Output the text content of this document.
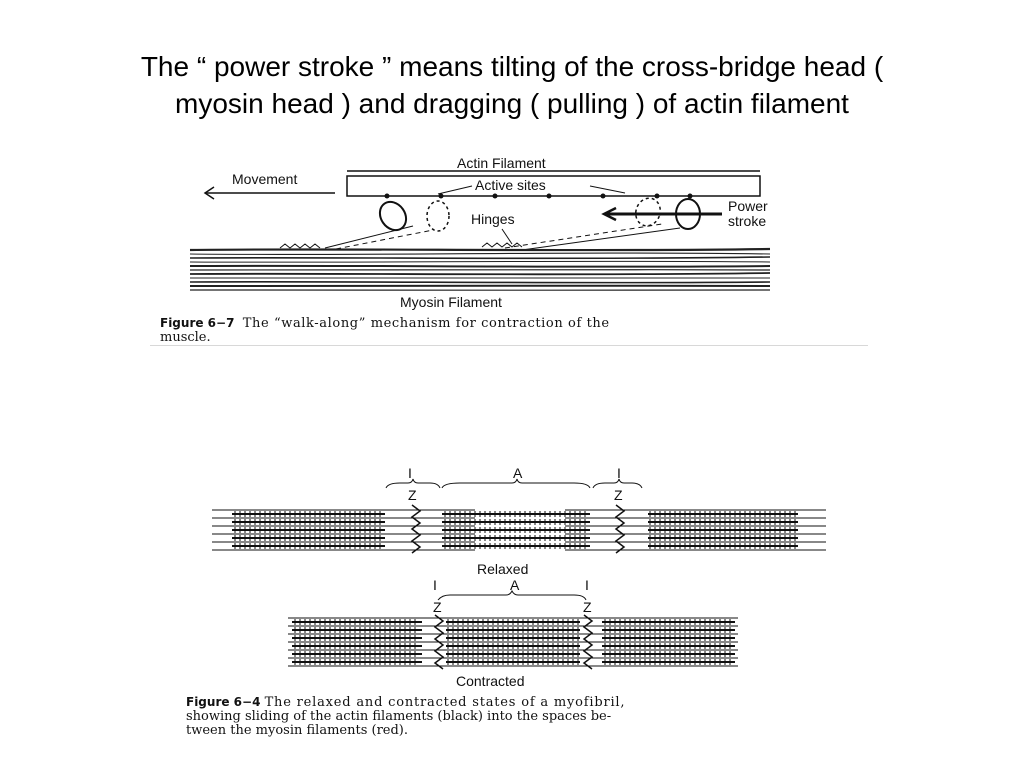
The “ power stroke ” means tilting of the cross-bridge head (
myosin head ) and dragging ( pulling ) of actin filament
Actin Filament
Movement	Active sites
Hinges
Power
stroke
Myosin Filament
Figure 6−7 The “walk-along” mechanism for contraction of the
muscle.
I	A	I
Z	Z
Relaxed
I	A	I
Z	Z
Contracted
Figure 6−4 The relaxed and contracted states of a myofibril,
showing sliding of the actin filaments (black) into the spaces be-
tween the myosin filaments (red).
